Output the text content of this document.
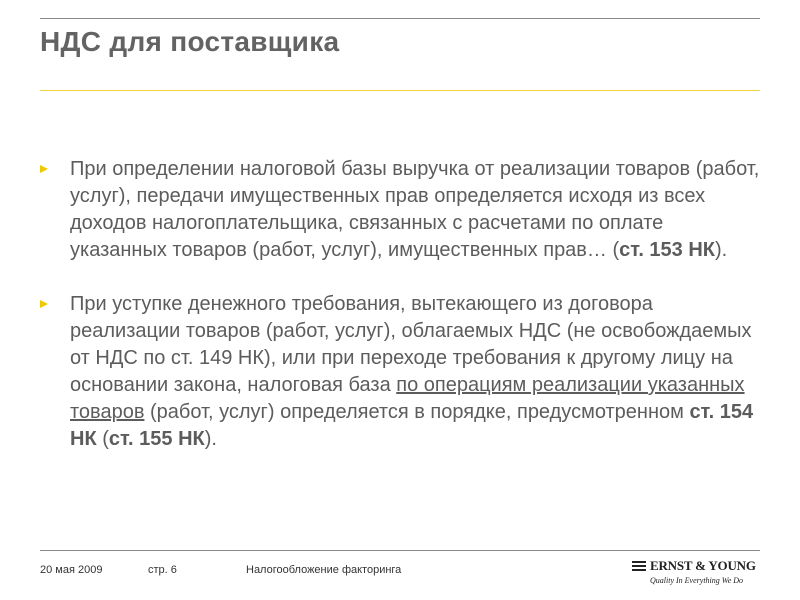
НДС для поставщика
При определении налоговой базы выручка от реализации товаров (работ, услуг), передачи имущественных прав определяется исходя из всех доходов налогоплательщика, связанных с расчетами по оплате указанных товаров (работ, услуг), имущественных прав… (ст. 153 НК).
При уступке денежного требования, вытекающего из договора реализации товаров (работ, услуг), облагаемых НДС (не освобождаемых от НДС по ст. 149 НК), или при переходе требования к другому лицу на основании закона, налоговая база по операциям реализации указанных товаров (работ, услуг) определяется в порядке, предусмотренном ст. 154 НК (ст. 155 НК).
20 мая 2009	стр. 6	Налогообложение факторинга	ERNST & YOUNG
Quality In Everything We Do
